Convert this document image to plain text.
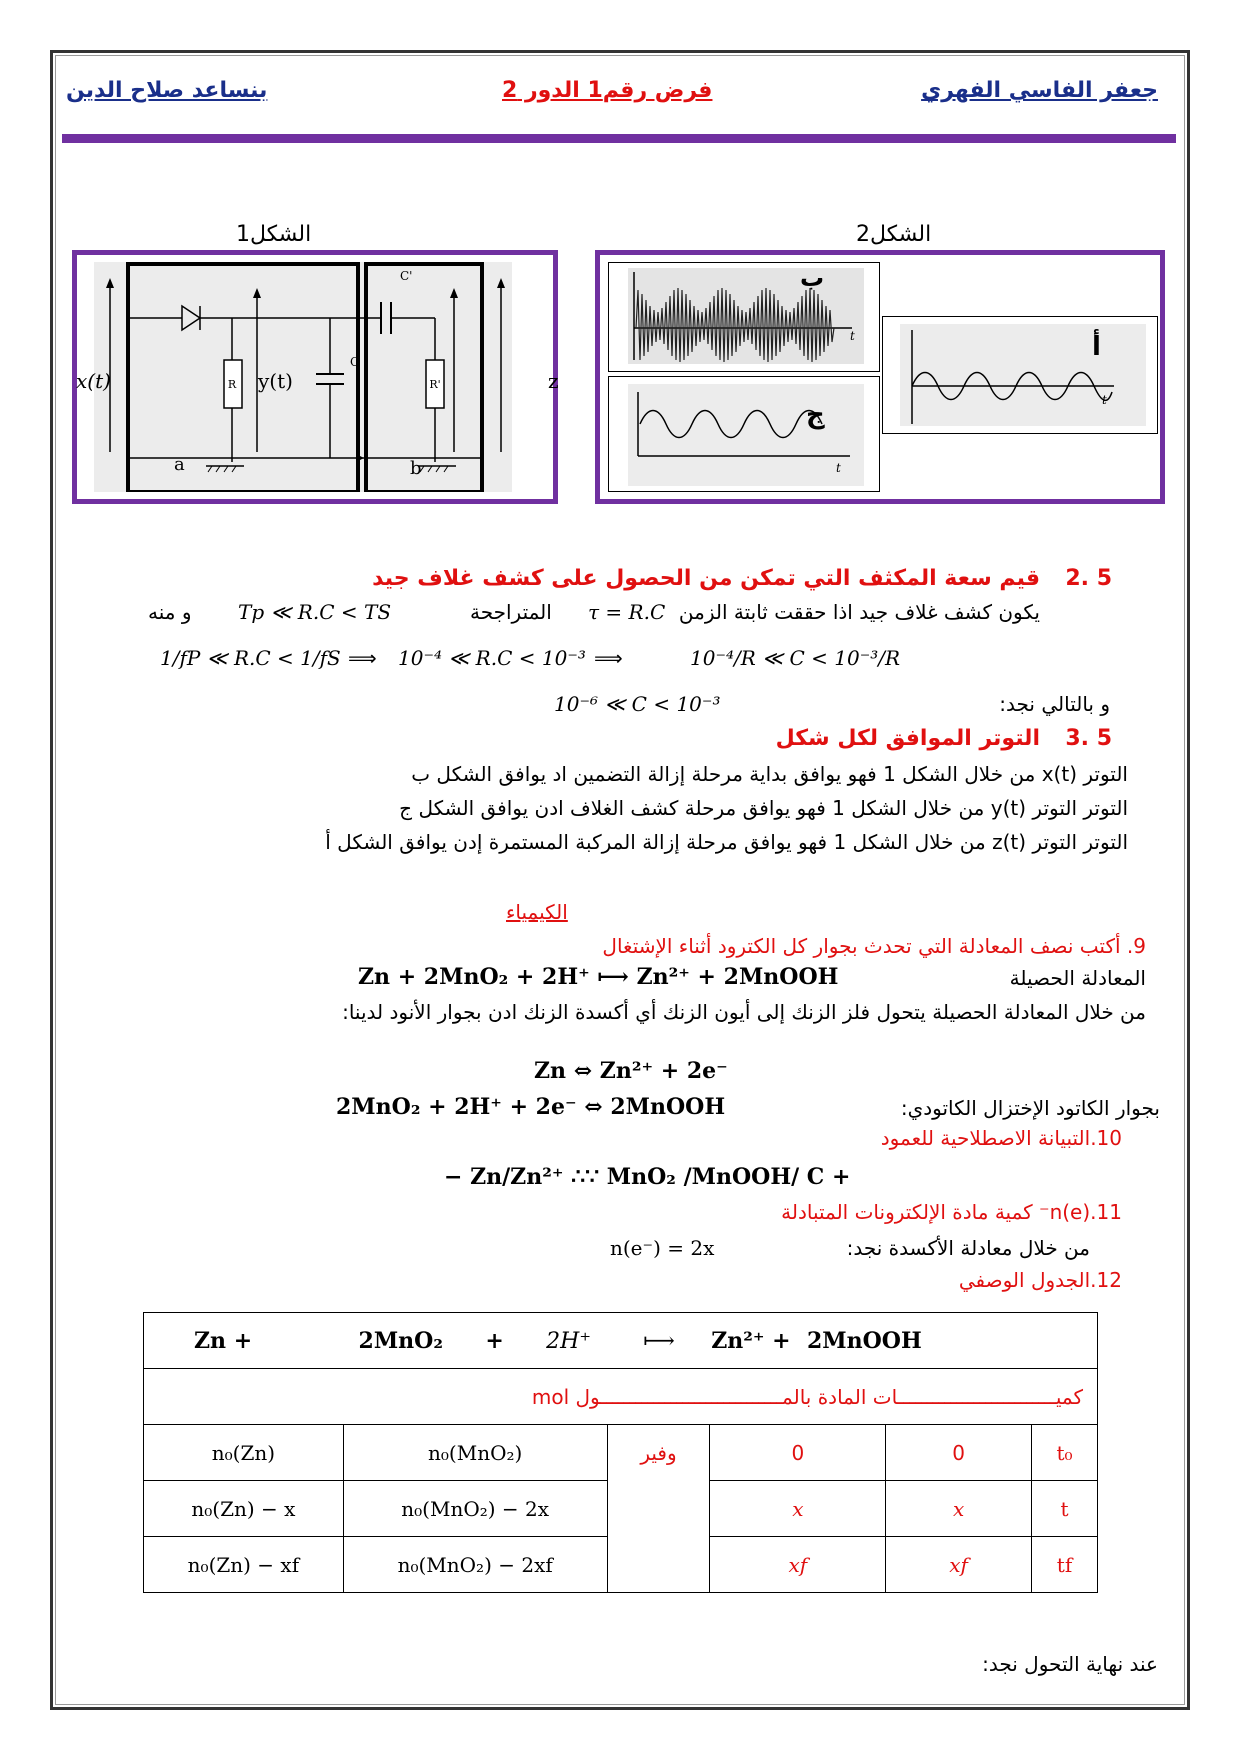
جعفر الفاسي الفهري
فرض رقم1 الدور 2
بنساعد صلاح الدين
الشكل1	الشكل2
R	R'
C
C'
a	b
x(t)	y(t)	z
t
ب
t
أ
t
ج
5 .2
قيم سعة المكثف التي تمكن من الحصول على كشف غلاف جيد
يكون كشف غلاف جيد اذا حققت ثابتة الزمن
τ = R.C
المتراجحة
Tp ≪ R.C < TS
و منه
1/fP ≪ R.C < 1/fS ⟹ 10⁻⁴ ≪ R.C < 10⁻³ ⟹	10⁻⁴/R ≪ C < 10⁻³/R
و بالتالي نجد:
10⁻⁶ ≪ C < 10⁻³
5 .3
التوتر الموافق لكل شكل
التوتر x(t) من خلال الشكل 1 فهو يوافق بداية مرحلة إزالة التضمين اد يوافق الشكل ب
التوتر التوتر y(t) من خلال الشكل 1 فهو يوافق مرحلة كشف الغلاف ادن يوافق الشكل ج
التوتر التوتر z(t) من خلال الشكل 1 فهو يوافق مرحلة إزالة المركبة المستمرة إدن يوافق الشكل أ
الكيمياء
9. أكتب نصف المعادلة التي تحدث بجوار كل الكترود أثناء الإشتغال
المعادلة الحصيلة
Zn + 2MnO₂ + 2H⁺ ⟼ Zn²⁺ + 2MnOOH
من خلال المعادلة الحصيلة يتحول فلز الزنك إلى أيون الزنك أي أكسدة الزنك ادن بجوار الأنود لدينا:
Zn ⇔ Zn²⁺ + 2e⁻
بجوار الكاتود الإختزال الكاتودي:
2MnO₂ + 2H⁺ + 2e⁻ ⇔ 2MnOOH
10.التبيانة الاصطلاحية للعمود
− Zn/Zn²⁺ ∴∵ MnO₂ /MnOOH/ C +
11.(n(e⁻ كمية مادة الإلكترونات المتبادلة
من خلال معادلة الأكسدة نجد:
n(e⁻) = 2x
12.الجدول الوصفي
Zn + 2MnO₂ + 2H⁺ ⟼ Zn²⁺ + 2MnOOH					
كميـــــــــــــــــــــــــــات المادة بالمـــــــــــــــــــــــــــــــول mol					
n₀(Zn)	n₀(MnO₂)	وفير	0	0	t₀
n₀(Zn) − x	n₀(MnO₂) − 2x		x	x	t
n₀(Zn) − xf	n₀(MnO₂) − 2xf		xf	xf	tf
عند نهاية التحول نجد:
